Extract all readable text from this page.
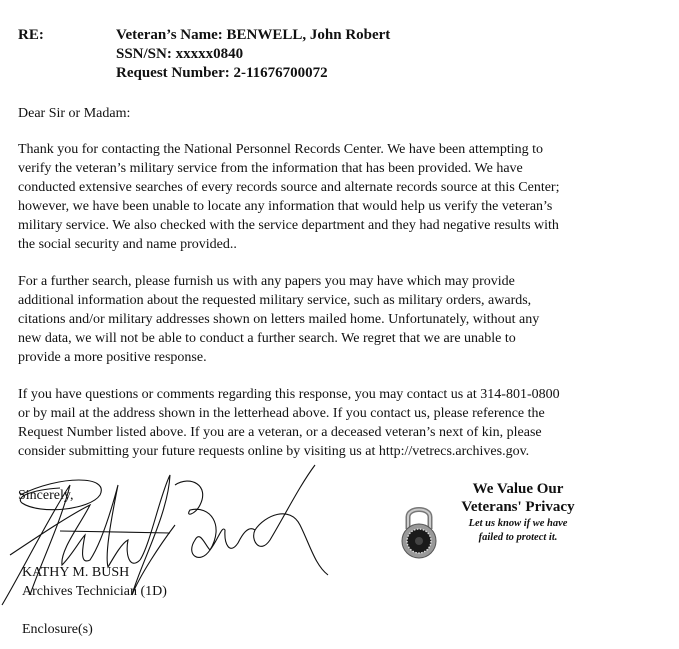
RE:	Veteran’s Name: BENWELL, John Robert
SSN/SN: xxxxx0840
Request Number: 2-11676700072
Dear Sir or Madam:
Thank you for contacting the National Personnel Records Center. We have been attempting to
verify the veteran’s military service from the information that has been provided. We have
conducted extensive searches of every records source and alternate records source at this Center;
however, we have been unable to locate any information that would help us verify the veteran’s
military service. We also checked with the service department and they had negative results with
the social security and name provided..
For a further search, please furnish us with any papers you may have which may provide
additional information about the requested military service, such as military orders, awards,
citations and/or military addresses shown on letters mailed home. Unfortunately, without any
new data, we will not be able to conduct a further search. We regret that we are unable to
provide a more positive response.
If you have questions or comments regarding this response, you may contact us at 314-801-0800
or by mail at the address shown in the letterhead above. If you contact us, please reference the
Request Number listed above. If you are a veteran, or a deceased veteran’s next of kin, please
consider submitting your future requests online by visiting us at http://vetrecs.archives.gov.
Sincerely,
KATHY M. BUSH
Archives Technician (1D)
Enclosure(s)
We Value Our
Veterans' Privacy
Let us know if we have
failed to protect it.
